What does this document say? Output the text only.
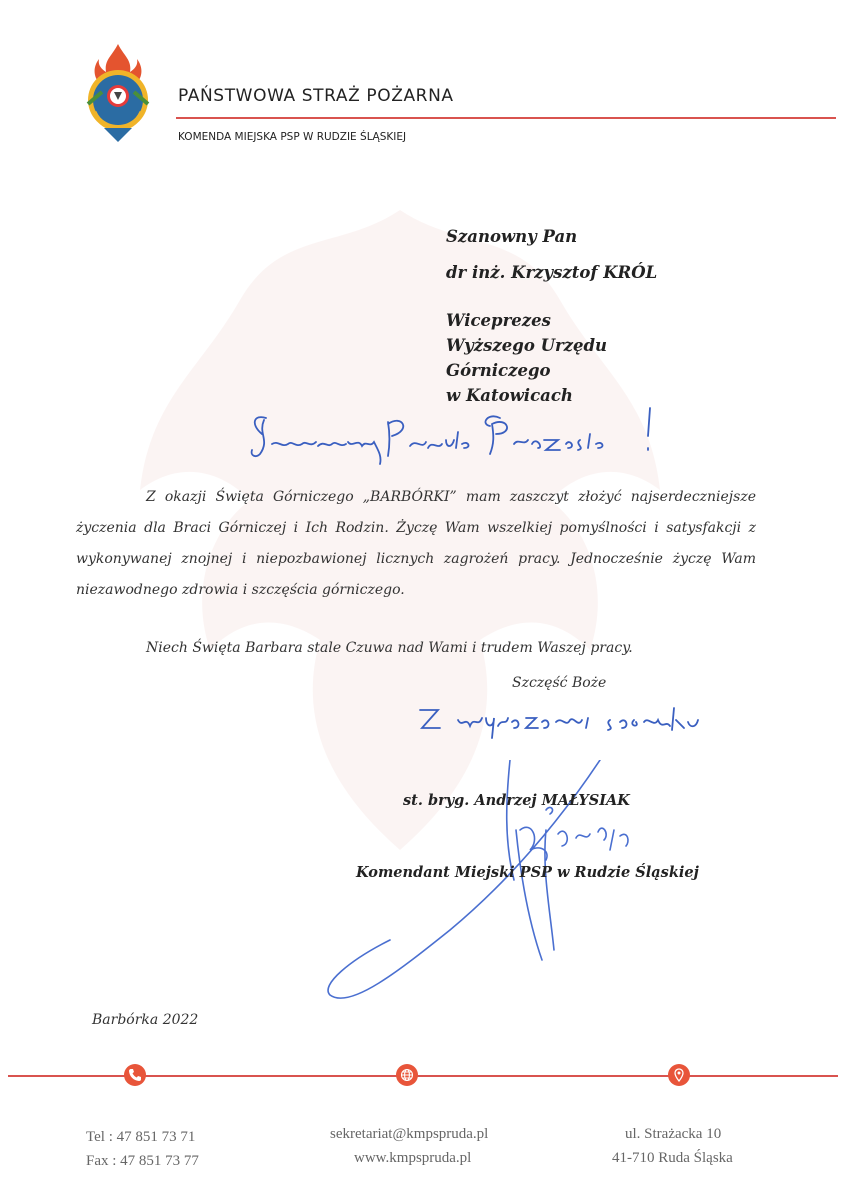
PAŃSTWOWA STRAŻ POŻARNA
KOMENDA MIEJSKA PSP W RUDZIE ŚLĄSKIEJ
Szanowny Pan
dr inż. Krzysztof KRÓL
Wiceprezes
Wyższego Urzędu
Górniczego
w Katowicach
Z okazji Święta Górniczego „BARBÓRKI” mam zaszczyt złożyć najserdeczniejsze życzenia dla Braci Górniczej i Ich Rodzin. Życzę Wam wszelkiej pomyślności i satysfakcji z wykonywanej znojnej i niepozbawionej licznych zagrożeń pracy. Jednocześnie życzę Wam niezawodnego zdrowia i szczęścia górniczego.
Niech Święta Barbara stale Czuwa nad Wami i trudem Waszej pracy.
Szczęść Boże
st. bryg. Andrzej MAŁYSIAK
Komendant Miejski PSP w Rudzie Śląskiej
Barbórka 2022
Tel : 47 851 73 71
Fax : 47 851 73 77
sekretariat@kmpspruda.pl
www.kmpspruda.pl
ul. Strażacka 10
41-710 Ruda Śląska
